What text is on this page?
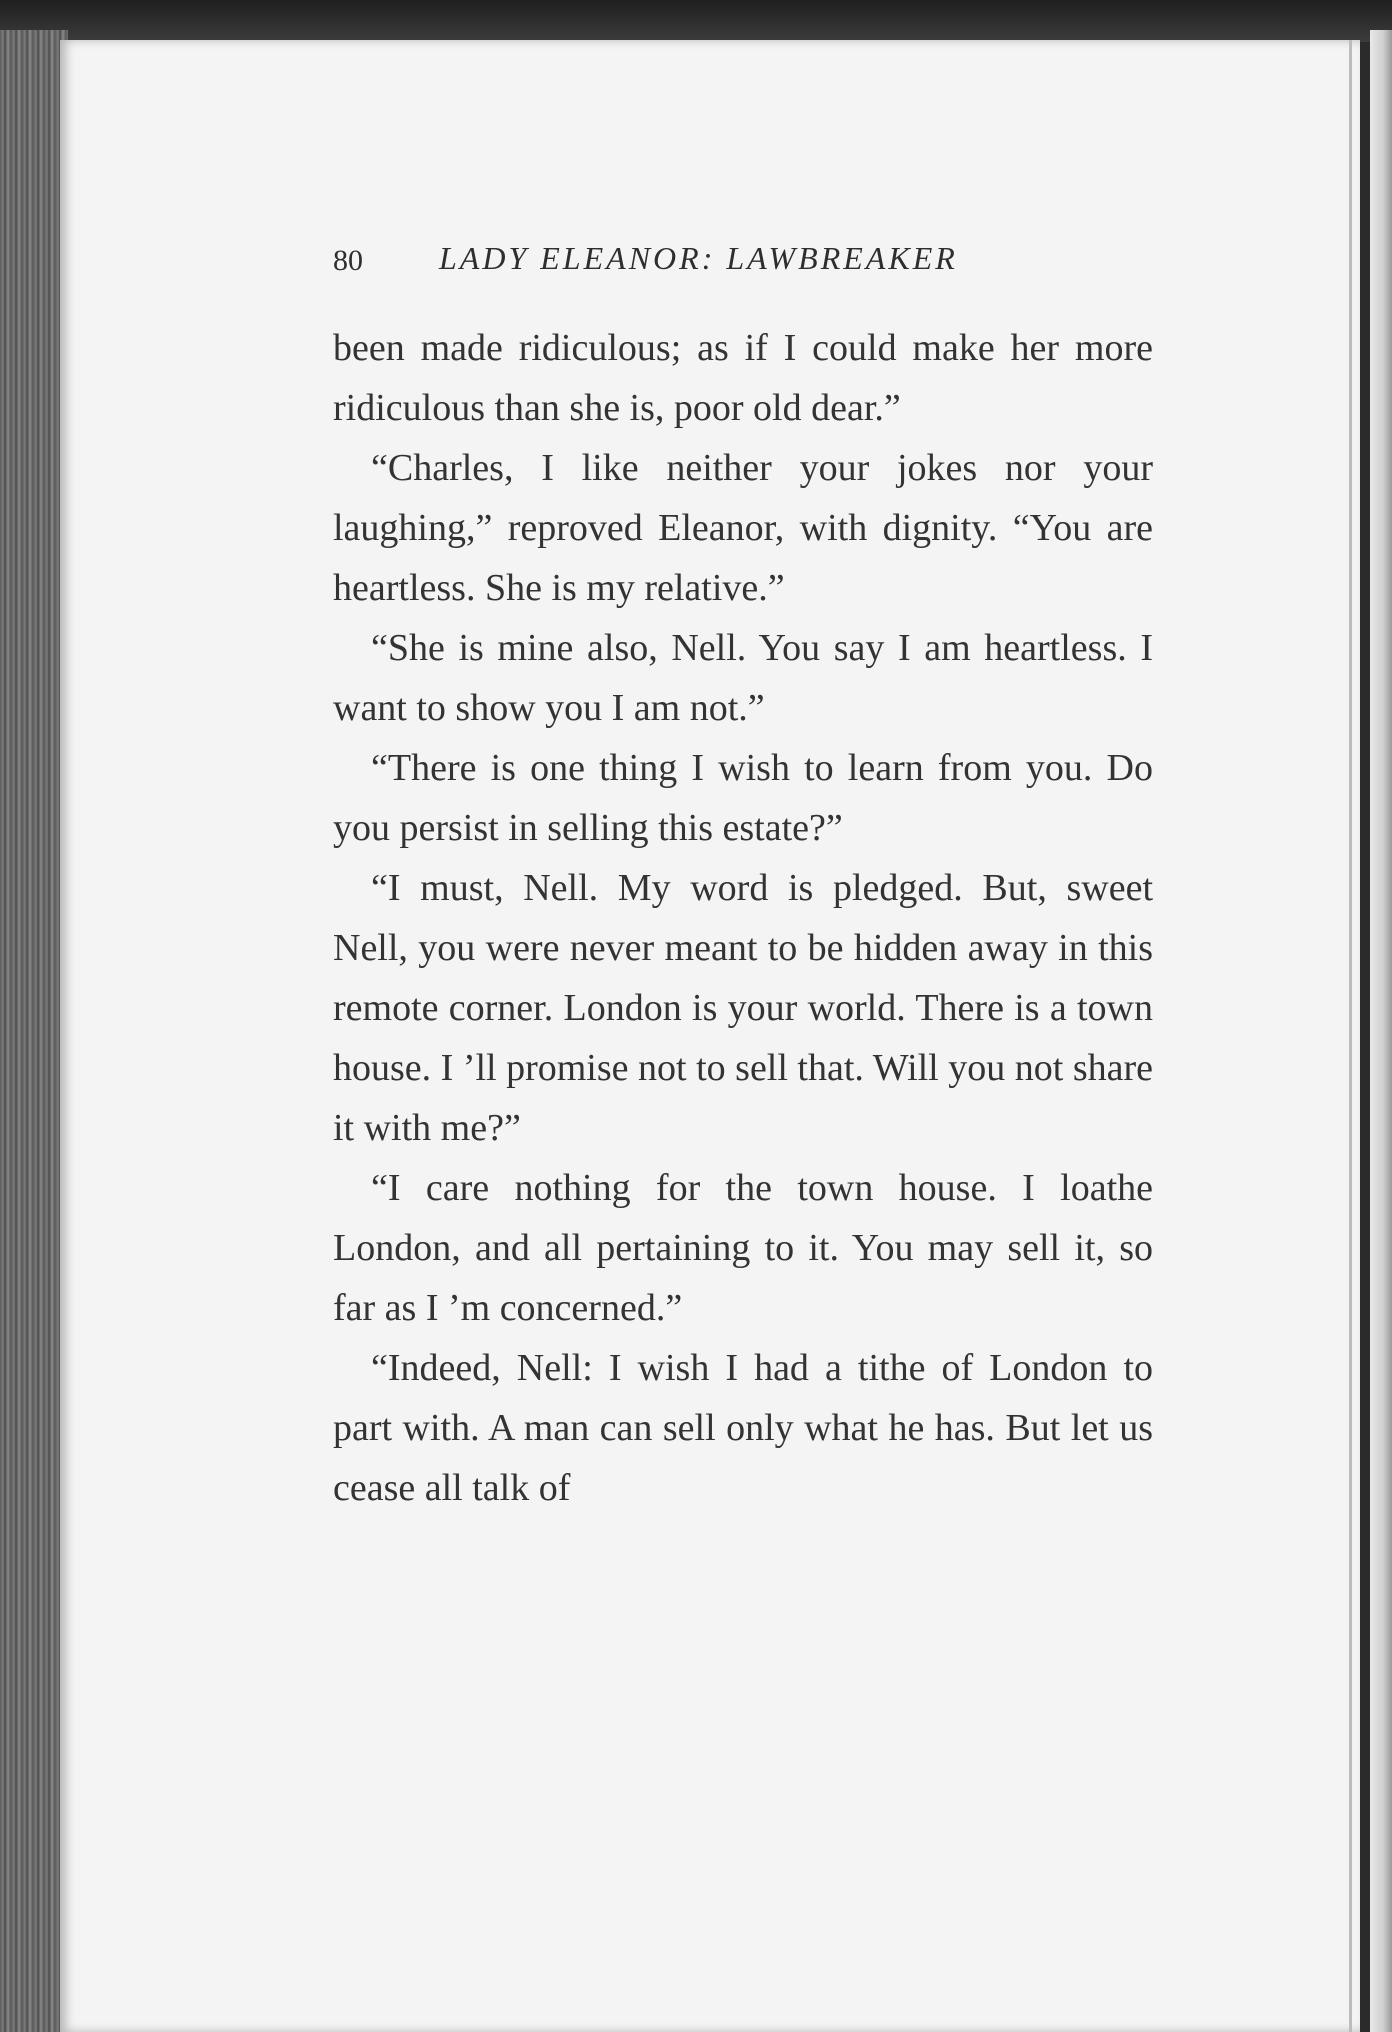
80 LADY ELEANOR: LAWBREAKER

been made ridiculous; as if I could make her more ridiculous than she is, poor old dear.”

“Charles, I like neither your jokes nor your laughing,” reproved Eleanor, with dignity. “You are heartless. She is my relative.”

“She is mine also, Nell. You say I am heartless. I want to show you I am not.”

“There is one thing I wish to learn from you. Do you persist in selling this estate?”

“I must, Nell. My word is pledged. But, sweet Nell, you were never meant to be hidden away in this remote corner. London is your world. There is a town house. I ’ll promise not to sell that. Will you not share it with me?”

“I care nothing for the town house. I loathe London, and all pertaining to it. You may sell it, so far as I ’m concerned.”

“Indeed, Nell: I wish I had a tithe of London to part with. A man can sell only what he has. But let us cease all talk of
